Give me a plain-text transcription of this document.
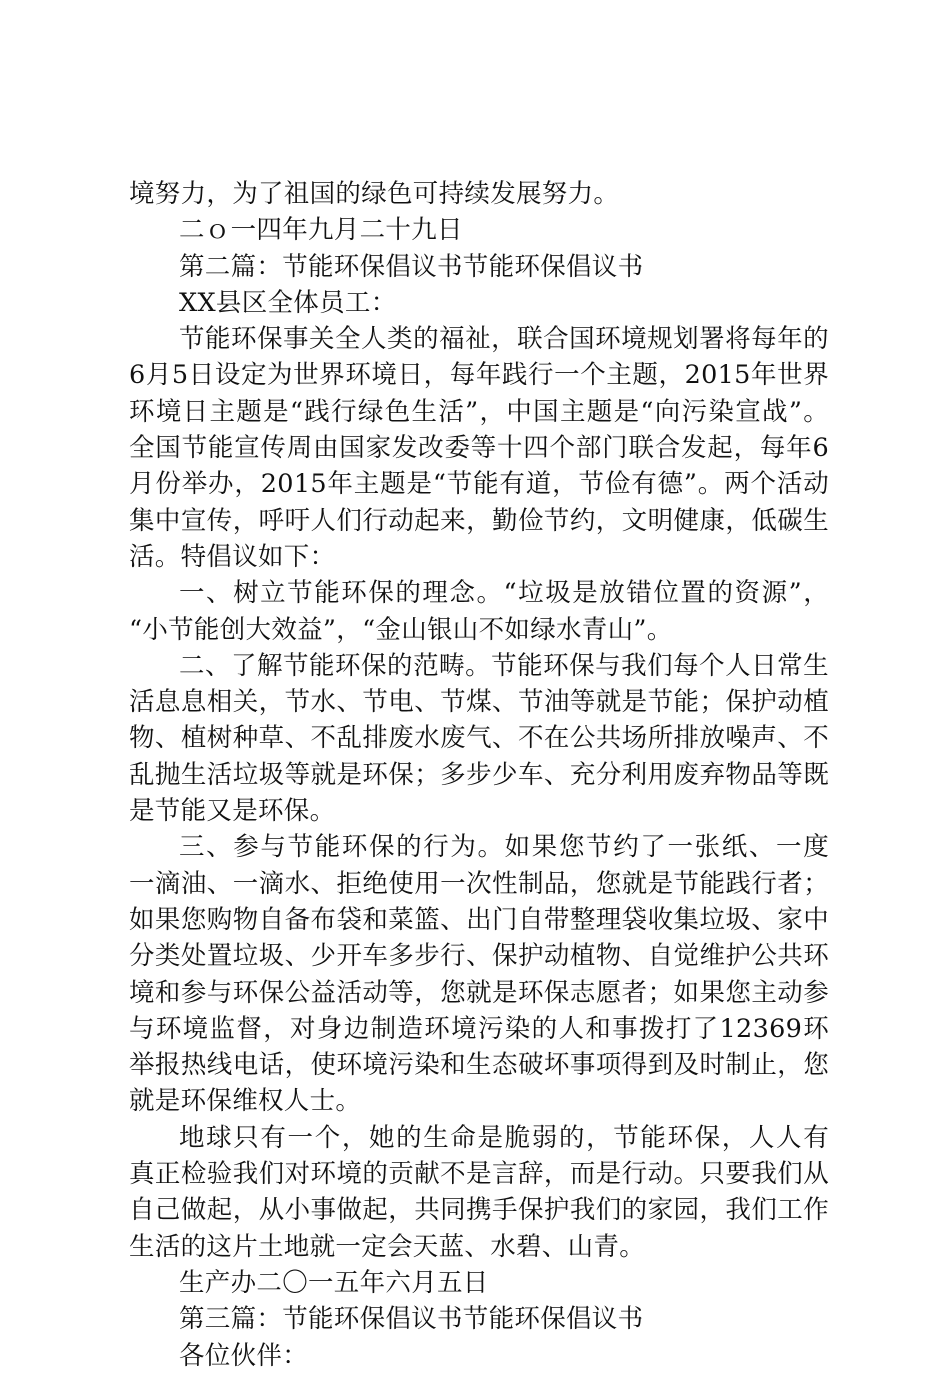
境努力，为了祖国的绿色可持续发展努力。
二ｏ一四年九月二十九日
第二篇：节能环保倡议书节能环保倡议书
XX县区全体员工：
节能环保事关全人类的福祉，联合国环境规划署将每年的
6月5日设定为世界环境日，每年践行一个主题，2015年世界
环境日主题是“践行绿色生活”，中国主题是“向污染宣战”。
全国节能宣传周由国家发改委等十四个部门联合发起，每年6
月份举办，2015年主题是“节能有道，节俭有德”。两个活动
集中宣传，呼吁人们行动起来，勤俭节约，文明健康，低碳生
活。特倡议如下：
一、树立节能环保的理念。“垃圾是放错位置的资源”，
“小节能创大效益”，“金山银山不如绿水青山”。
二、了解节能环保的范畴。节能环保与我们每个人日常生
活息息相关，节水、节电、节煤、节油等就是节能；保护动植
物、植树种草、不乱排废水废气、不在公共场所排放噪声、不
乱抛生活垃圾等就是环保；多步少车、充分利用废弃物品等既
是节能又是环保。
三、参与节能环保的行为。如果您节约了一张纸、一度
一滴油、一滴水、拒绝使用一次性制品，您就是节能践行者；
如果您购物自备布袋和菜篮、出门自带整理袋收集垃圾、家中
分类处置垃圾、少开车多步行、保护动植物、自觉维护公共环
境和参与环保公益活动等，您就是环保志愿者；如果您主动参
与环境监督，对身边制造环境污染的人和事拨打了12369环
举报热线电话，使环境污染和生态破坏事项得到及时制止，您
就是环保维权人士。
地球只有一个，她的生命是脆弱的，节能环保，人人有
真正检验我们对环境的贡献不是言辞，而是行动。只要我们从
自己做起，从小事做起，共同携手保护我们的家园，我们工作
生活的这片土地就一定会天蓝、水碧、山青。
生产办二〇一五年六月五日
第三篇：节能环保倡议书节能环保倡议书
各位伙伴：
